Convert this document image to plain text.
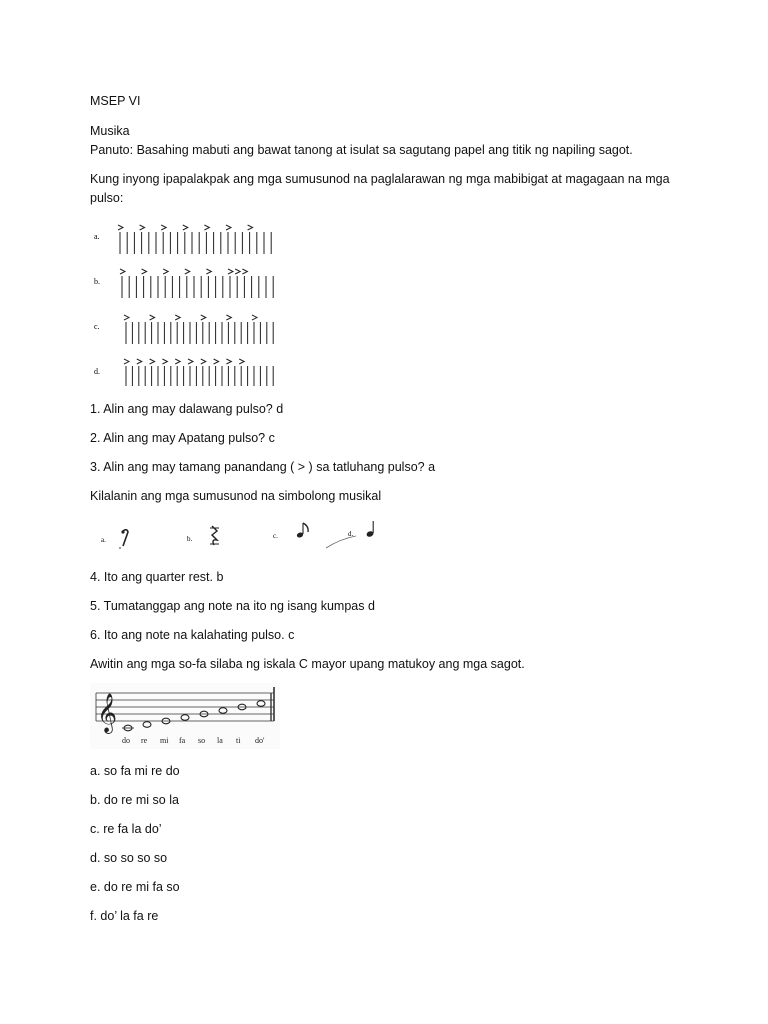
MSEP VI
Musika
Panuto: Basahing mabuti ang bawat tanong at isulat sa sagutang papel ang titik ng napiling sagot.
Kung inyong ipapalakpak ang mga sumusunod na paglalarawan ng mga mabibigat at magagaan na mga
pulso:
a.
b.
c.
d.
1. Alin ang may dalawang pulso? d
2. Alin ang may Apatang pulso? c
3. Alin ang may tamang panandang ( > ) sa tatluhang pulso? a
Kilalanin ang mga sumusunod na simbolong musikal
a.	b.	c.	d.
4. Ito ang quarter rest. b
5. Tumatanggap ang note na ito ng isang kumpas d
6. Ito ang note na kalahating pulso. c
Awitin ang mga so-fa silaba ng iskala C mayor upang matukoy ang mga sagot.
𝄞
do re mi fa so la ti do'
a. so fa mi re do
b. do re mi so la
c. re fa la do’
d. so so so so
e. do re mi fa so
f. do’ la fa re
